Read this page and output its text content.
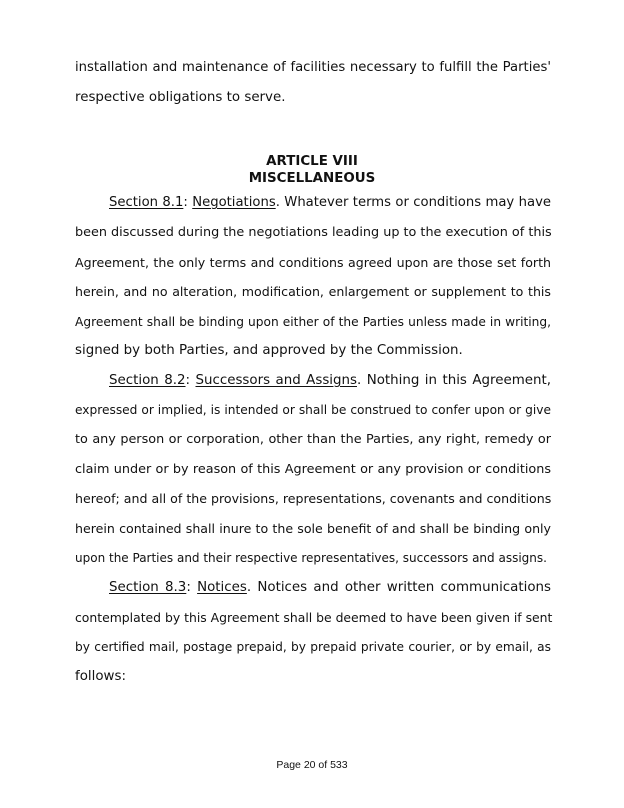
installation and maintenance of facilities necessary to fulfill the Parties'
respective obligations to serve.
ARTICLE VIII
MISCELLANEOUS
Section 8.1: Negotiations. Whatever terms or conditions may have
been discussed during the negotiations leading up to the execution of this
Agreement, the only terms and conditions agreed upon are those set forth
herein, and no alteration, modification, enlargement or supplement to this
Agreement shall be binding upon either of the Parties unless made in writing,
signed by both Parties, and approved by the Commission.
Section 8.2: Successors and Assigns. Nothing in this Agreement,
expressed or implied, is intended or shall be construed to confer upon or give
to any person or corporation, other than the Parties, any right, remedy or
claim under or by reason of this Agreement or any provision or conditions
hereof; and all of the provisions, representations, covenants and conditions
herein contained shall inure to the sole benefit of and shall be binding only
upon the Parties and their respective representatives, successors and assigns.
Section 8.3: Notices. Notices and other written communications
contemplated by this Agreement shall be deemed to have been given if sent
by certified mail, postage prepaid, by prepaid private courier, or by email, as
follows:
Page 20 of 533
